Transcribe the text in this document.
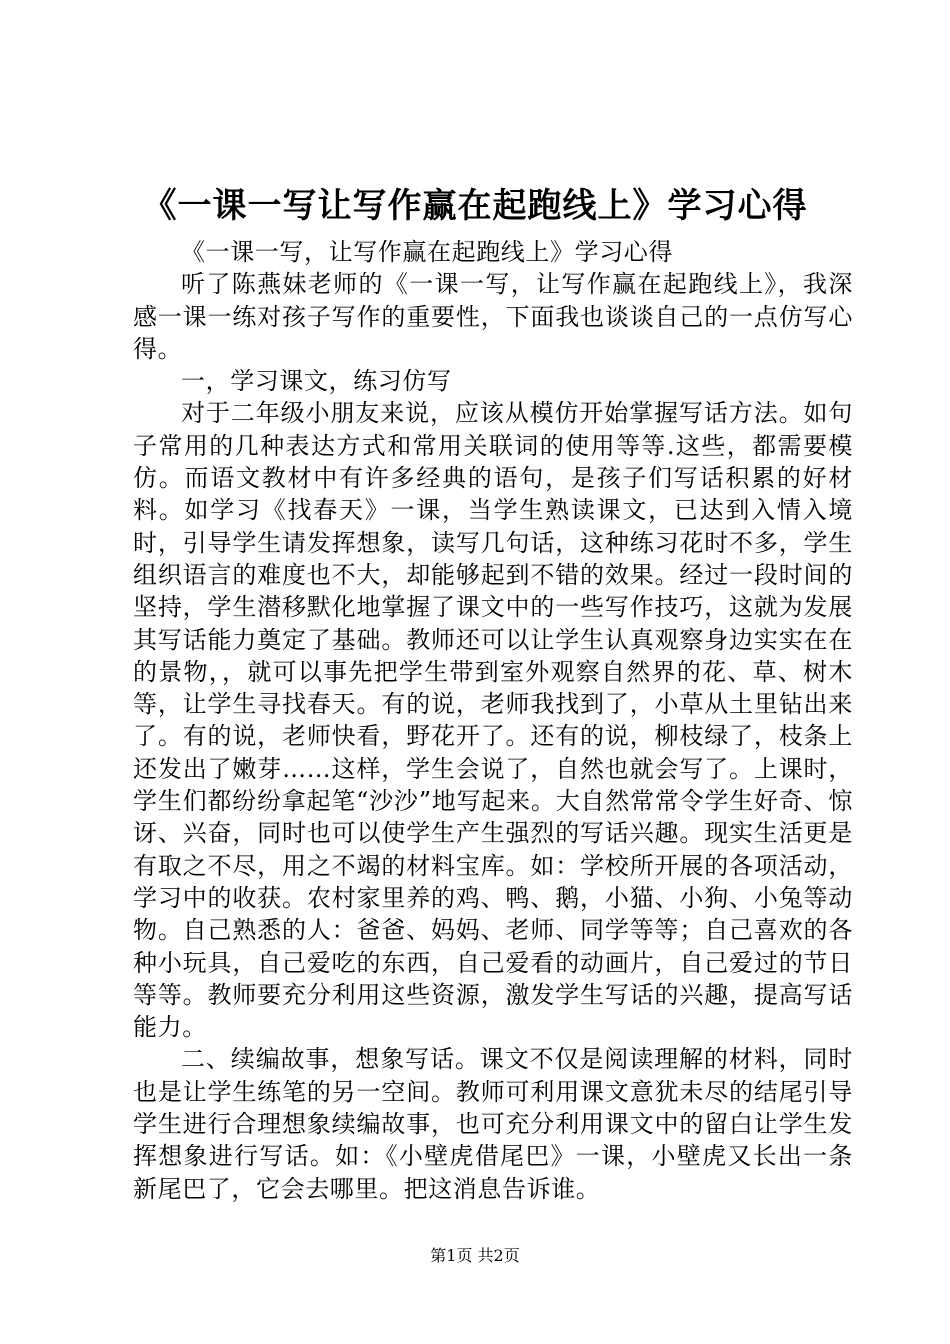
《一课一写让写作赢在起跑线上》学习心得

《一课一写，让写作赢在起跑线上》学习心得

听了陈燕妹老师的《一课一写，让写作赢在起跑线上》，我深感一课一练对孩子写作的重要性，下面我也谈谈自己的一点仿写心得。

一，学习课文，练习仿写

对于二年级小朋友来说，应该从模仿开始掌握写话方法。如句子常用的几种表达方式和常用关联词的使用等等.这些，都需要模仿。而语文教材中有许多经典的语句，是孩子们写话积累的好材料。如学习《找春天》一课，当学生熟读课文，已达到入情入境时，引导学生请发挥想象，读写几句话，这种练习花时不多，学生组织语言的难度也不大，却能够起到不错的效果。经过一段时间的坚持，学生潜移默化地掌握了课文中的一些写作技巧，这就为发展其写话能力奠定了基础。教师还可以让学生认真观察身边实实在在的景物，，就可以事先把学生带到室外观察自然界的花、草、树木等，让学生寻找春天。有的说，老师我找到了，小草从土里钻出来了。有的说，老师快看，野花开了。还有的说，柳枝绿了，枝条上还发出了嫩芽……这样，学生会说了，自然也就会写了。上课时，学生们都纷纷拿起笔“沙沙”地写起来。大自然常常令学生好奇、惊讶、兴奋，同时也可以使学生产生强烈的写话兴趣。现实生活更是有取之不尽，用之不竭的材料宝库。如：学校所开展的各项活动，学习中的收获。农村家里养的鸡、鸭、鹅，小猫、小狗、小兔等动物。自己熟悉的人：爸爸、妈妈、老师、同学等等；自己喜欢的各种小玩具，自己爱吃的东西，自己爱看的动画片，自己爱过的节日等等。教师要充分利用这些资源，激发学生写话的兴趣，提高写话能力。

二、续编故事，想象写话。课文不仅是阅读理解的材料，同时也是让学生练笔的另一空间。教师可利用课文意犹未尽的结尾引导学生进行合理想象续编故事，也可充分利用课文中的留白让学生发挥想象进行写话。如：《小壁虎借尾巴》一课，小壁虎又长出一条新尾巴了，它会去哪里。把这消息告诉谁。

第1页 共2页
